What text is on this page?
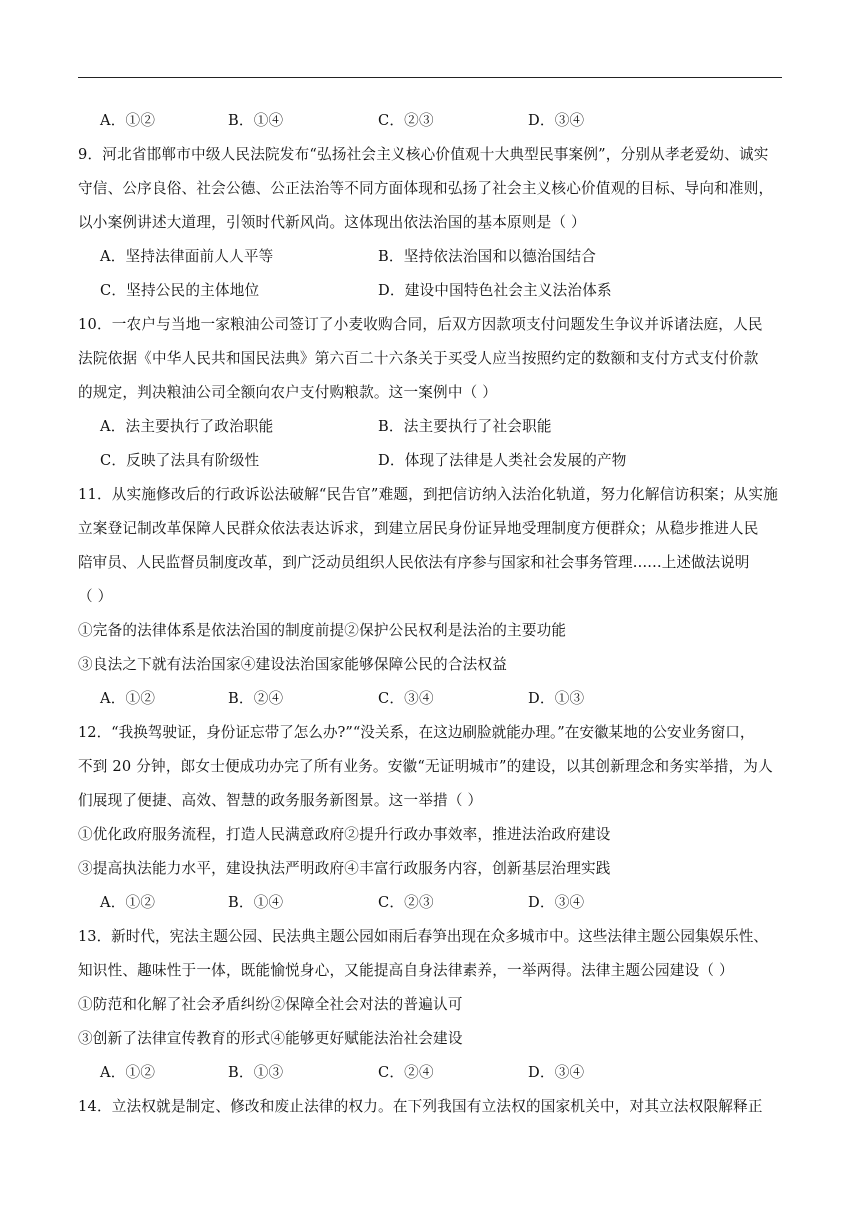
A．①②	B．①④	C．②③	D．③④
9．河北省邯郸市中级人民法院发布“弘扬社会主义核心价值观十大典型民事案例”，分别从孝老爱幼、诚实
守信、公序良俗、社会公德、公正法治等不同方面体现和弘扬了社会主义核心价值观的目标、导向和准则，
以小案例讲述大道理，引领时代新风尚。这体现出依法治国的基本原则是（ ）
A．坚持法律面前人人平等	B．坚持依法治国和以德治国结合
C．坚持公民的主体地位	D．建设中国特色社会主义法治体系
10．一农户与当地一家粮油公司签订了小麦收购合同，后双方因款项支付问题发生争议并诉诸法庭，人民
法院依据《中华人民共和国民法典》第六百二十六条关于买受人应当按照约定的数额和支付方式支付价款
的规定，判决粮油公司全额向农户支付购粮款。这一案例中（ ）
A．法主要执行了政治职能	B．法主要执行了社会职能
C．反映了法具有阶级性	D．体现了法律是人类社会发展的产物
11．从实施修改后的行政诉讼法破解“民告官”难题，到把信访纳入法治化轨道，努力化解信访积案；从实施
立案登记制改革保障人民群众依法表达诉求，到建立居民身份证异地受理制度方便群众；从稳步推进人民
陪审员、人民监督员制度改革，到广泛动员组织人民依法有序参与国家和社会事务管理……上述做法说明
（ ）
①完备的法律体系是依法治国的制度前提②保护公民权利是法治的主要功能
③良法之下就有法治国家④建设法治国家能够保障公民的合法权益
A．①②	B．②④	C．③④	D．①③
12．“我换驾驶证，身份证忘带了怎么办?”“没关系，在这边刷脸就能办理。”在安徽某地的公安业务窗口，
不到 20 分钟，郎女士便成功办完了所有业务。安徽“无证明城市”的建设，以其创新理念和务实举措，为人
们展现了便捷、高效、智慧的政务服务新图景。这一举措（ ）
①优化政府服务流程，打造人民满意政府②提升行政办事效率，推进法治政府建设
③提高执法能力水平，建设执法严明政府④丰富行政服务内容，创新基层治理实践
A．①②	B．①④	C．②③	D．③④
13．新时代，宪法主题公园、民法典主题公园如雨后春笋出现在众多城市中。这些法律主题公园集娱乐性、
知识性、趣味性于一体，既能愉悦身心，又能提高自身法律素养，一举两得。法律主题公园建设（ ）
①防范和化解了社会矛盾纠纷②保障全社会对法的普遍认可
③创新了法律宣传教育的形式④能够更好赋能法治社会建设
A．①②	B．①③	C．②④	D．③④
14．立法权就是制定、修改和废止法律的权力。在下列我国有立法权的国家机关中，对其立法权限解释正
